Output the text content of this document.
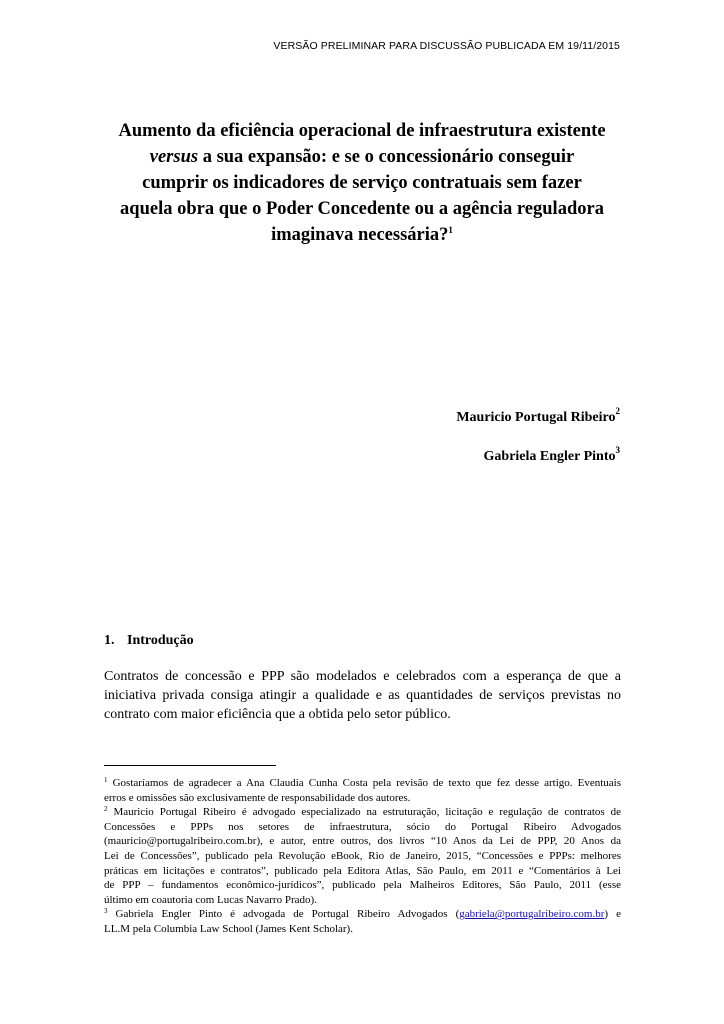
VERSÃO PRELIMINAR PARA DISCUSSÃO PUBLICADA EM 19/11/2015
Aumento da eficiência operacional de infraestrutura existente
versus a sua expansão: e se o concessionário conseguir
cumprir os indicadores de serviço contratuais sem fazer
aquela obra que o Poder Concedente ou a agência reguladora
imaginava necessária?$^1$
Mauricio Portugal Ribeiro$^2$
Gabriela Engler Pinto$^3$
1. Introdução
Contratos de concessão e PPP são modelados e celebrados com a esperança de que a
iniciativa privada consiga atingir a qualidade e as quantidades de serviços previstas no
contrato com maior eficiência que a obtida pelo setor público.
$^1$ Gostaríamos de agradecer a Ana Claudia Cunha Costa pela revisão de texto que fez desse artigo. Eventuais
erros e omissões são exclusivamente de responsabilidade dos autores.
$^2$ Mauricio Portugal Ribeiro é advogado especializado na estruturação, licitação e regulação de contratos de
Concessões e PPPs nos setores de infraestrutura, sócio do Portugal Ribeiro Advogados
(mauricio@portugalribeiro.com.br), e autor, entre outros, dos livros “10 Anos da Lei de PPP, 20 Anos da
Lei de Concessões”, publicado pela Revolução eBook, Rio de Janeiro, 2015, “Concessões e PPPs: melhores
práticas em licitações e contratos”, publicado pela Editora Atlas, São Paulo, em 2011 e “Comentários à Lei
de PPP – fundamentos econômico-jurídicos”, publicado pela Malheiros Editores, São Paulo, 2011 (esse
último em coautoria com Lucas Navarro Prado).
$^3$ Gabriela Engler Pinto é advogada de Portugal Ribeiro Advogados (gabriela@portugalribeiro.com.br) e
LL.M pela Columbia Law School (James Kent Scholar).
